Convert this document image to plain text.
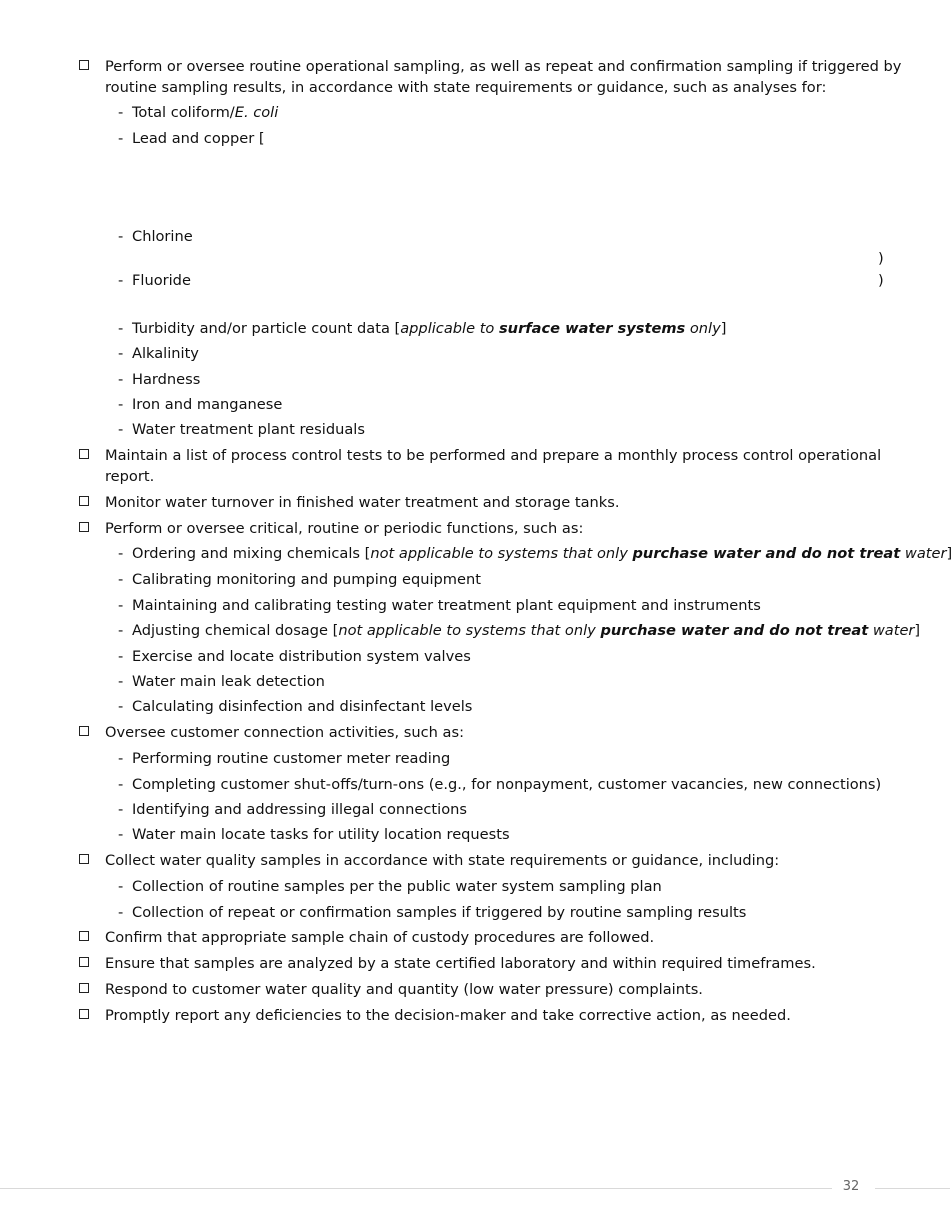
Perform or oversee routine operational sampling, as well as repeat and confirmation sampling if triggered by
routine sampling results, in accordance with state requirements or guidance, such as analyses for:
- Total coliform/E. coli
- Lead and copper [
- Chlorine
)
- Fluoride	)
- Turbidity and/or particle count data [applicable to surface water systems only]
- Alkalinity
- Hardness
- Iron and manganese
- Water treatment plant residuals
Maintain a list of process control tests to be performed and prepare a monthly process control operational
report.
Monitor water turnover in finished water treatment and storage tanks.
Perform or oversee critical, routine or periodic functions, such as:
- Ordering and mixing chemicals [not applicable to systems that only purchase water and do not treat water]
- Calibrating monitoring and pumping equipment
- Maintaining and calibrating testing water treatment plant equipment and instruments
- Adjusting chemical dosage [not applicable to systems that only purchase water and do not treat water]
- Exercise and locate distribution system valves
- Water main leak detection
- Calculating disinfection and disinfectant levels
Oversee customer connection activities, such as:
- Performing routine customer meter reading
- Completing customer shut-offs/turn-ons (e.g., for nonpayment, customer vacancies, new connections)
- Identifying and addressing illegal connections
- Water main locate tasks for utility location requests
Collect water quality samples in accordance with state requirements or guidance, including:
- Collection of routine samples per the public water system sampling plan
- Collection of repeat or confirmation samples if triggered by routine sampling results
Confirm that appropriate sample chain of custody procedures are followed.
Ensure that samples are analyzed by a state certified laboratory and within required timeframes.
Respond to customer water quality and quantity (low water pressure) complaints.
Promptly report any deficiencies to the decision-maker and take corrective action, as needed.
32
